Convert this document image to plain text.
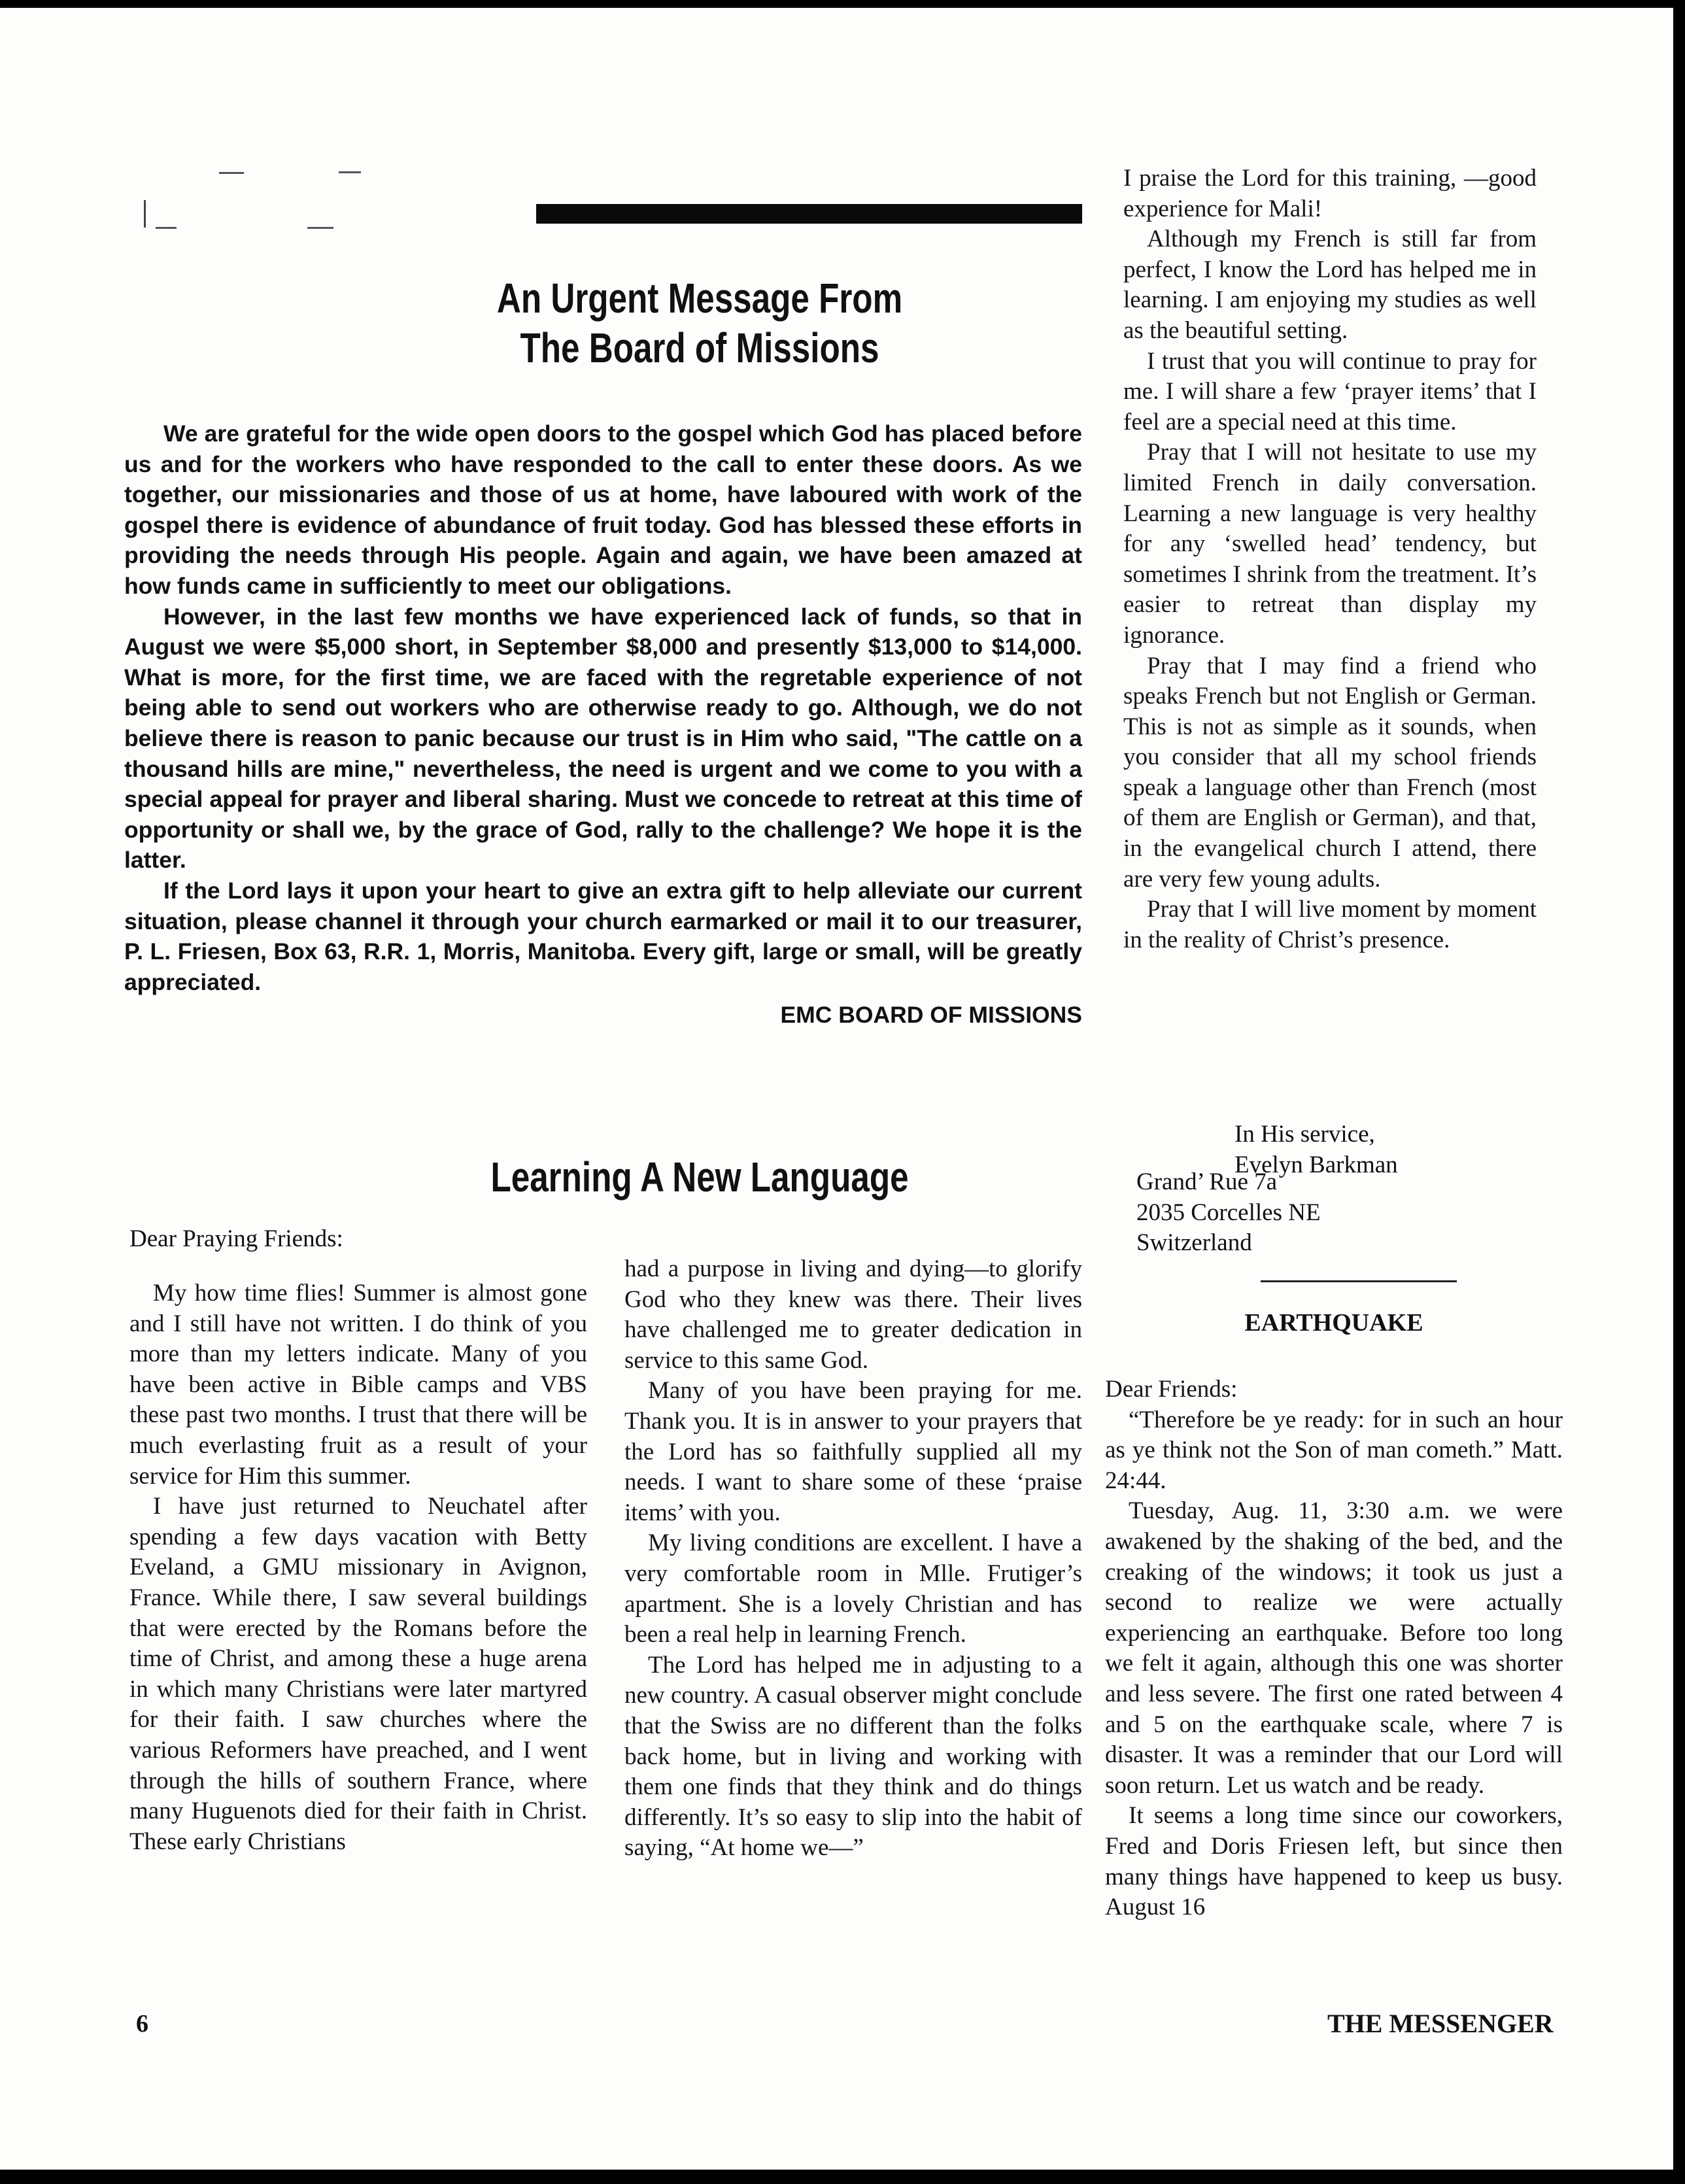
An Urgent Message From
The Board of Missions

We are grateful for the wide open doors to the gospel which God has placed before us and for the workers who have responded to the call to enter these doors. As we together, our missionaries and those of us at home, have laboured with work of the gospel there is evidence of abundance of fruit today. God has blessed these efforts in providing the needs through His people. Again and again, we have been amazed at how funds came in sufficiently to meet our obligations.

However, in the last few months we have experienced lack of funds, so that in August we were $5,000 short, in September $8,000 and presently $13,000 to $14,000. What is more, for the first time, we are faced with the regretable experience of not being able to send out workers who are otherwise ready to go. Although, we do not believe there is reason to panic because our trust is in Him who said, "The cattle on a thousand hills are mine," nevertheless, the need is urgent and we come to you with a special appeal for prayer and liberal sharing. Must we concede to retreat at this time of opportunity or shall we, by the grace of God, rally to the challenge? We hope it is the latter.

If the Lord lays it upon your heart to give an extra gift to help alleviate our current situation, please channel it through your church earmarked or mail it to our treasurer, P. L. Friesen, Box 63, R.R. 1, Morris, Manitoba. Every gift, large or small, will be greatly appreciated.

EMC BOARD OF MISSIONS

I praise the Lord for this training, —good experience for Mali!

Although my French is still far from perfect, I know the Lord has helped me in learning. I am enjoying my studies as well as the beautiful setting.

I trust that you will continue to pray for me. I will share a few ‘prayer items’ that I feel are a special need at this time.

Pray that I will not hesitate to use my limited French in daily conversation. Learning a new language is very healthy for any ‘swelled head’ tendency, but sometimes I shrink from the treatment. It’s easier to retreat than display my ignorance.

Pray that I may find a friend who speaks French but not English or German. This is not as simple as it sounds, when you consider that all my school friends speak a language other than French (most of them are English or German), and that, in the evangelical church I attend, there are very few young adults.

Pray that I will live moment by moment in the reality of Christ’s presence.

In His service,
Evelyn Barkman
Grand’ Rue 7a
2035 Corcelles NE
Switzerland
Learning A New Language

Dear Praying Friends:

My how time flies! Summer is almost gone and I still have not written. I do think of you more than my letters indicate. Many of you have been active in Bible camps and VBS these past two months. I trust that there will be much everlasting fruit as a result of your service for Him this summer.

I have just returned to Neuchatel after spending a few days vacation with Betty Eveland, a GMU missionary in Avignon, France. While there, I saw several buildings that were erected by the Romans before the time of Christ, and among these a huge arena in which many Christians were later martyred for their faith. I saw churches where the various Reformers have preached, and I went through the hills of southern France, where many Huguenots died for their faith in Christ. These early Christians

had a purpose in living and dying—to glorify God who they knew was there. Their lives have challenged me to greater dedication in service to this same God.

Many of you have been praying for me. Thank you. It is in answer to your prayers that the Lord has so faithfully supplied all my needs. I want to share some of these ‘praise items’ with you.

My living conditions are excellent. I have a very comfortable room in Mlle. Frutiger’s apartment. She is a lovely Christian and has been a real help in learning French.

The Lord has helped me in adjusting to a new country. A casual observer might conclude that the Swiss are no different than the folks back home, but in living and working with them one finds that they think and do things differently. It’s so easy to slip into the habit of saying, “At home we—”

EARTHQUAKE

Dear Friends:

“Therefore be ye ready: for in such an hour as ye think not the Son of man cometh.” Matt. 24:44.

Tuesday, Aug. 11, 3:30 a.m. we were awakened by the shaking of the bed, and the creaking of the windows; it took us just a second to realize we were actually experiencing an earthquake. Before too long we felt it again, although this one was shorter and less severe. The first one rated between 4 and 5 on the earthquake scale, where 7 is disaster. It was a reminder that our Lord will soon return. Let us watch and be ready.

It seems a long time since our coworkers, Fred and Doris Friesen left, but since then many things have happened to keep us busy. August 16

6	THE MESSENGER
